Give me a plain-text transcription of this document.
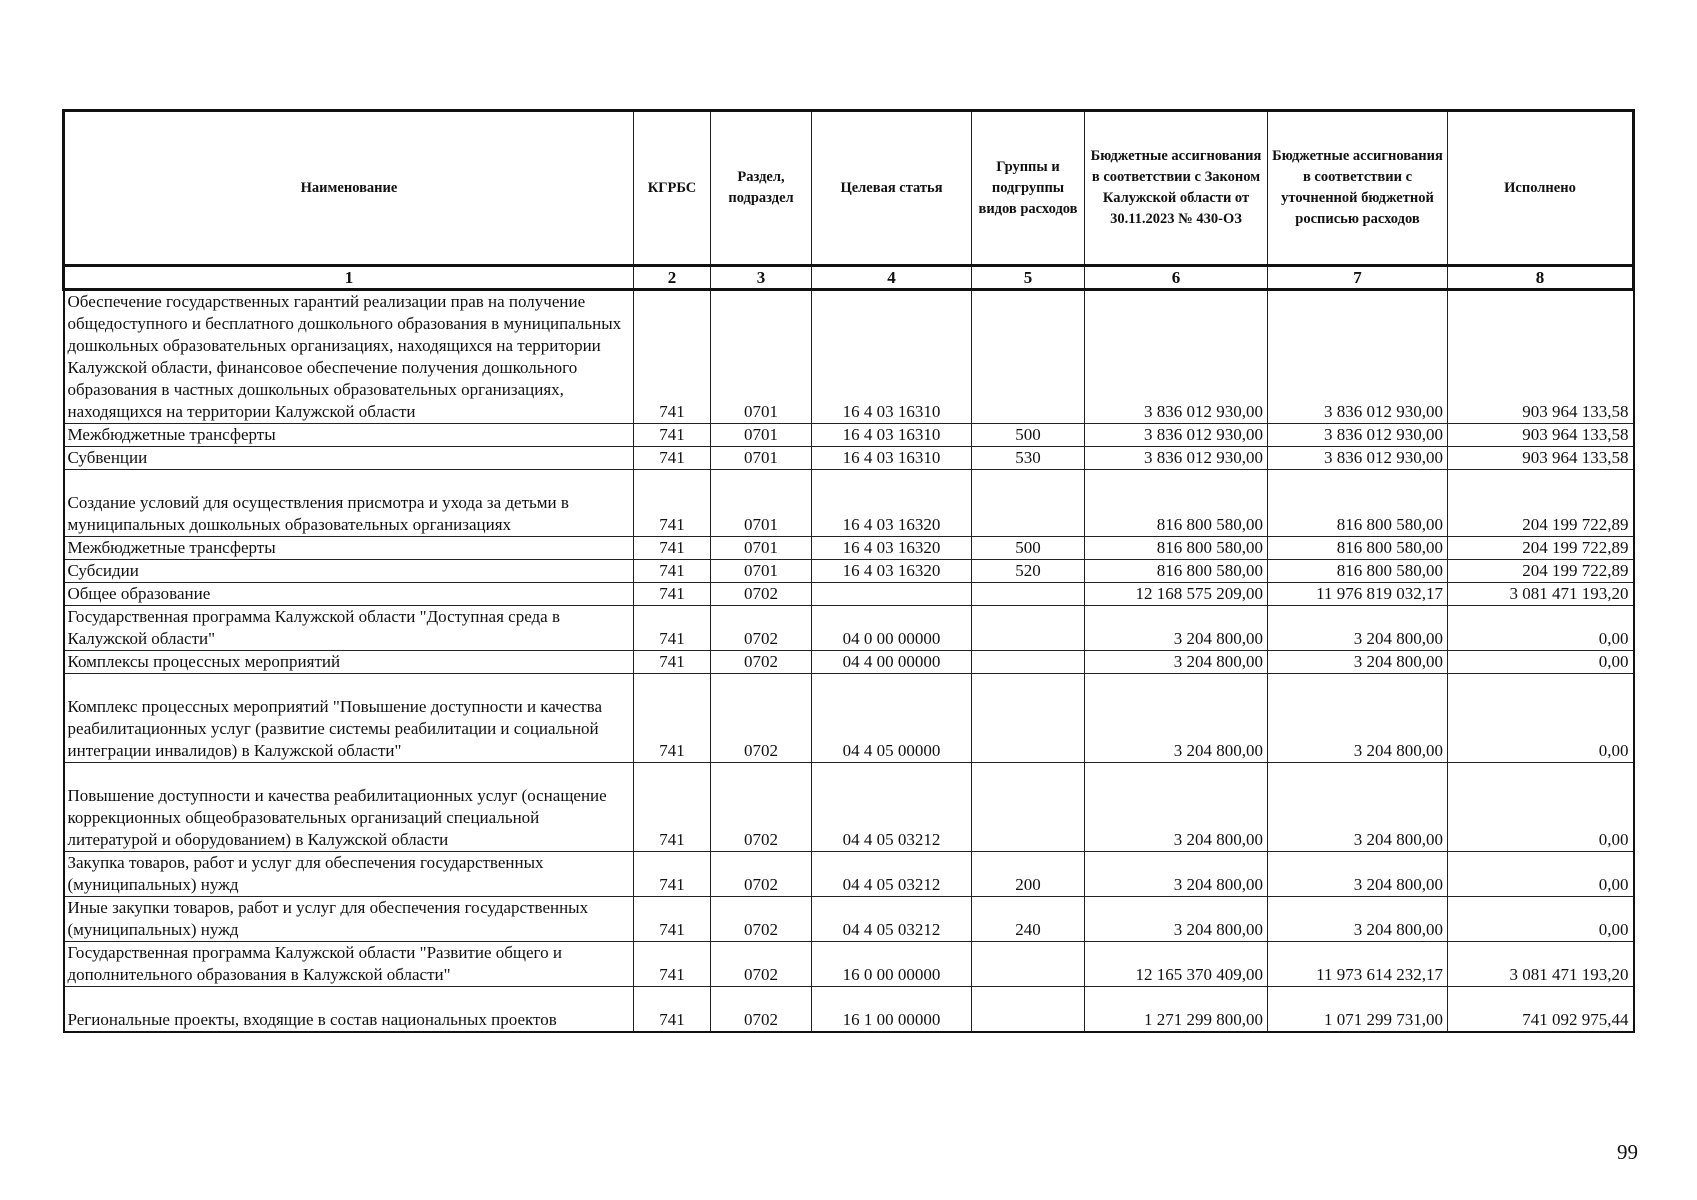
Наименование	КГРБС	Раздел, подраздел	Целевая статья	Группы и подгруппы видов расходов	Бюджетные ассигнования в соответствии с Законом Калужской области от 30.11.2023 № 430-ОЗ	Бюджетные ассигнования в соответствии с уточненной бюджетной росписью расходов	Исполнено
1	2	3	4	5	6	7	8
Обеспечение государственных гарантий реализации прав на получение общедоступного и бесплатного дошкольного образования в муниципальных дошкольных образовательных организациях, находящихся на территории Калужской области, финансовое обеспечение получения дошкольного образования в частных дошкольных образовательных организациях, находящихся на территории Калужской области	741	0701	16 4 03 16310		3 836 012 930,00	3 836 012 930,00	903 964 133,58
Межбюджетные трансферты	741	0701	16 4 03 16310	500	3 836 012 930,00	3 836 012 930,00	903 964 133,58
Субвенции	741	0701	16 4 03 16310	530	3 836 012 930,00	3 836 012 930,00	903 964 133,58
Создание условий для осуществления присмотра и ухода за детьми в муниципальных дошкольных образовательных организациях	741	0701	16 4 03 16320		816 800 580,00	816 800 580,00	204 199 722,89
Межбюджетные трансферты	741	0701	16 4 03 16320	500	816 800 580,00	816 800 580,00	204 199 722,89
Субсидии	741	0701	16 4 03 16320	520	816 800 580,00	816 800 580,00	204 199 722,89
Общее образование	741	0702			12 168 575 209,00	11 976 819 032,17	3 081 471 193,20
Государственная программа Калужской области "Доступная среда в Калужской области"	741	0702	04 0 00 00000		3 204 800,00	3 204 800,00	0,00
Комплексы процессных мероприятий	741	0702	04 4 00 00000		3 204 800,00	3 204 800,00	0,00
Комплекс процессных мероприятий "Повышение доступности и качества реабилитационных услуг (развитие системы реабилитации и социальной интеграции инвалидов) в Калужской области"	741	0702	04 4 05 00000		3 204 800,00	3 204 800,00	0,00
Повышение доступности и качества реабилитационных услуг (оснащение коррекционных общеобразовательных организаций специальной литературой и оборудованием) в Калужской области	741	0702	04 4 05 03212		3 204 800,00	3 204 800,00	0,00
Закупка товаров, работ и услуг для обеспечения государственных (муниципальных) нужд	741	0702	04 4 05 03212	200	3 204 800,00	3 204 800,00	0,00
Иные закупки товаров, работ и услуг для обеспечения государственных (муниципальных) нужд	741	0702	04 4 05 03212	240	3 204 800,00	3 204 800,00	0,00
Государственная программа Калужской области "Развитие общего и дополнительного образования в Калужской области"	741	0702	16 0 00 00000		12 165 370 409,00	11 973 614 232,17	3 081 471 193,20
Региональные проекты, входящие в состав национальных проектов	741	0702	16 1 00 00000		1 271 299 800,00	1 071 299 731,00	741 092 975,44
99
